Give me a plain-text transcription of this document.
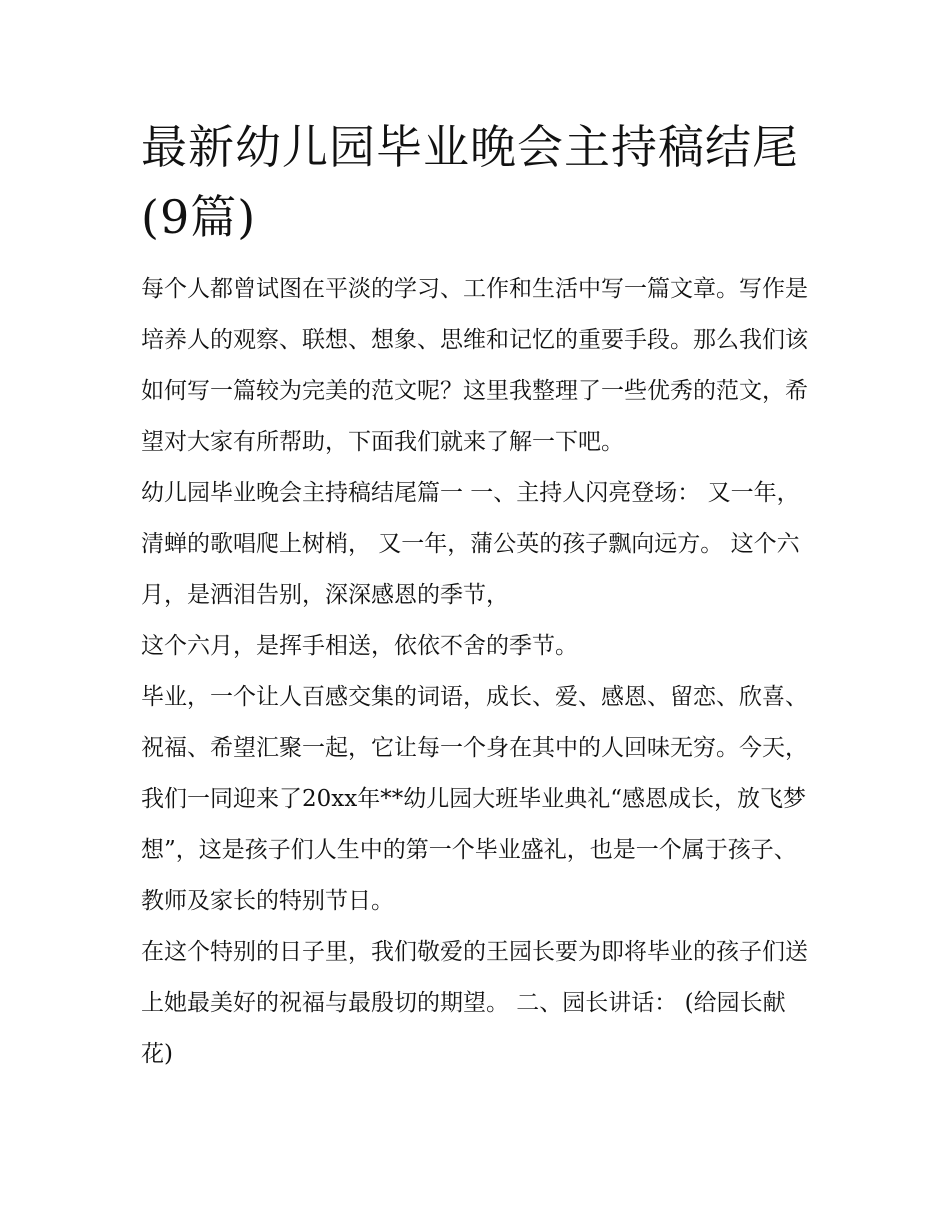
最新幼儿园毕业晚会主持稿结尾(9篇)

每个人都曾试图在平淡的学习、工作和生活中写一篇文章。写作是培养人的观察、联想、想象、思维和记忆的重要手段。那么我们该如何写一篇较为完美的范文呢？这里我整理了一些优秀的范文，希望对大家有所帮助，下面我们就来了解一下吧。

幼儿园毕业晚会主持稿结尾篇一 一、主持人闪亮登场： 又一年，清蝉的歌唱爬上树梢， 又一年，蒲公英的孩子飘向远方。 这个六月，是洒泪告别，深深感恩的季节，

这个六月，是挥手相送，依依不舍的季节。

毕业，一个让人百感交集的词语，成长、爱、感恩、留恋、欣喜、祝福、希望汇聚一起，它让每一个身在其中的人回味无穷。今天，我们一同迎来了20xx年**幼儿园大班毕业典礼“感恩成长，放飞梦想”，这是孩子们人生中的第一个毕业盛礼，也是一个属于孩子、教师及家长的特别节日。

在这个特别的日子里，我们敬爱的王园长要为即将毕业的孩子们送上她最美好的祝福与最殷切的期望。 二、园长讲话： (给园长献花)
